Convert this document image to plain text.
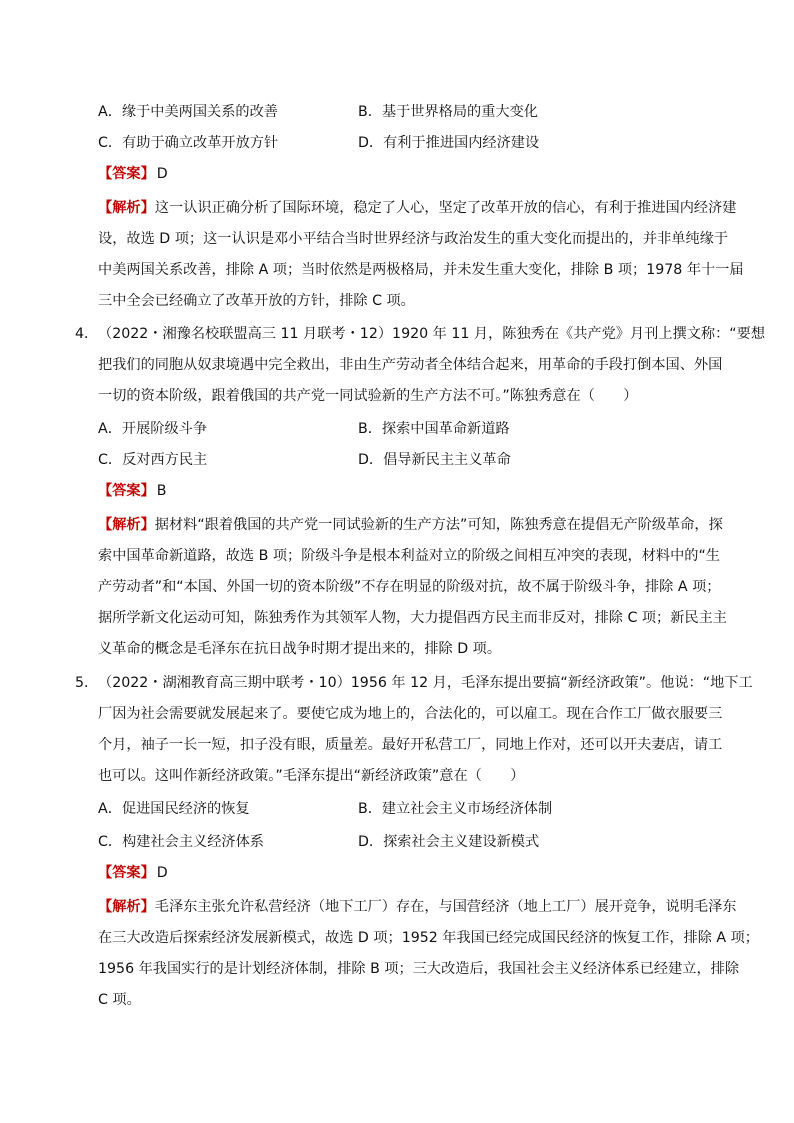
A．缘于中美两国关系的改善	B．基于世界格局的重大变化
C．有助于确立改革开放方针	D．有利于推进国内经济建设
【答案】 D
【解析】这一认识正确分析了国际环境，稳定了人心，坚定了改革开放的信心，有利于推进国内经济建
设，故选 D 项；这一认识是邓小平结合当时世界经济与政治发生的重大变化而提出的，并非单纯缘于
中美两国关系改善，排除 A 项；当时依然是两极格局，并未发生重大变化，排除 B 项；1978 年十一届
三中全会已经确立了改革开放的方针，排除 C 项。
4． （2022・湘豫名校联盟高三 11 月联考・12）1920 年 11 月，陈独秀在《共产党》月刊上撰文称：“要想
把我们的同胞从奴隶境遇中完全救出，非由生产劳动者全体结合起来，用革命的手段打倒本国、外国
一切的资本阶级，跟着俄国的共产党一同试验新的生产方法不可。”陈独秀意在（　　）
A．开展阶级斗争	B．探索中国革命新道路
C．反对西方民主	D．倡导新民主主义革命
【答案】 B
【解析】据材料“跟着俄国的共产党一同试验新的生产方法”可知，陈独秀意在提倡无产阶级革命，探
索中国革命新道路，故选 B 项；阶级斗争是根本利益对立的阶级之间相互冲突的表现，材料中的“生
产劳动者”和“本国、外国一切的资本阶级”不存在明显的阶级对抗，故不属于阶级斗争，排除 A 项；
据所学新文化运动可知，陈独秀作为其领军人物，大力提倡西方民主而非反对，排除 C 项；新民主主
义革命的概念是毛泽东在抗日战争时期才提出来的，排除 D 项。
5． （2022・湖湘教育高三期中联考・10）1956 年 12 月，毛泽东提出要搞“新经济政策”。他说：“地下工
厂因为社会需要就发展起来了。要使它成为地上的，合法化的，可以雇工。现在合作工厂做衣服要三
个月，袖子一长一短，扣子没有眼，质量差。最好开私营工厂，同地上作对，还可以开夫妻店，请工
也可以。这叫作新经济政策。”毛泽东提出“新经济政策”意在（　　）
A．促进国民经济的恢复	B．建立社会主义市场经济体制
C．构建社会主义经济体系	D．探索社会主义建设新模式
【答案】 D
【解析】毛泽东主张允许私营经济（地下工厂）存在，与国营经济（地上工厂）展开竞争，说明毛泽东
在三大改造后探索经济发展新模式，故选 D 项；1952 年我国已经完成国民经济的恢复工作，排除 A 项；
1956 年我国实行的是计划经济体制，排除 B 项；三大改造后，我国社会主义经济体系已经建立，排除
C 项。
